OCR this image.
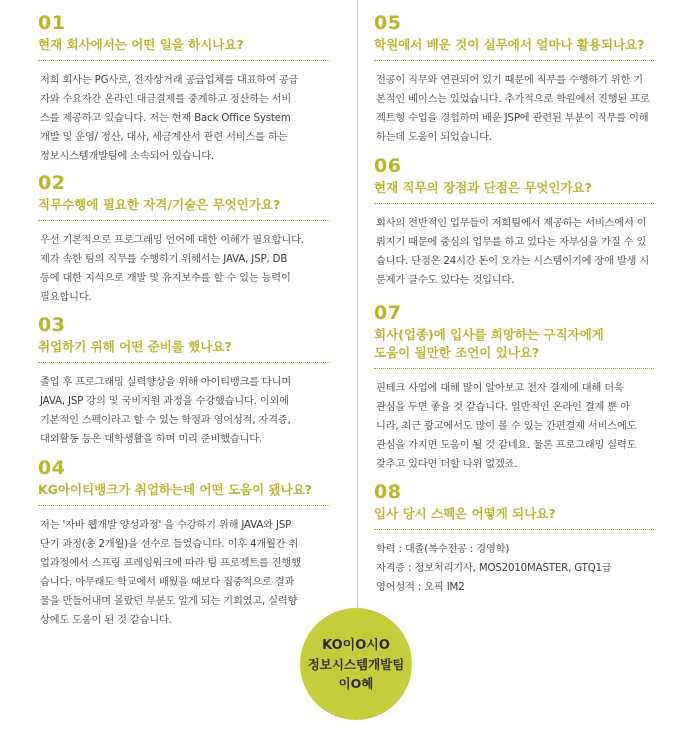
01
현재 회사에서는 어떤 일을 하시나요?
저희 회사는 PG사로, 전자상거래 공급업체를 대표하여 공급
자와 수요자간 온라인 대금결제를 중계하고 정산하는 서비
스를 제공하고 있습니다. 저는 현재 Back Office System
개발 및 운영/ 정산, 대사, 세금계산서 관련 서비스를 하는
정보시스템개발팀에 소속되어 있습니다.
02
직무수행에 필요한 자격/기술은 무엇인가요?
우선 기본적으로 프로그래밍 언어에 대한 이해가 필요합니다.
제가 속한 팀의 직무를 수행하기 위해서는 JAVA, JSP, DB
등에 대한 지식으로 개발 및 유지보수를 할 수 있는 능력이
필요합니다.
03
취업하기 위해 어떤 준비를 했나요?
졸업 후 프로그래밍 실력향상을 위해 아이티뱅크를 다니며
JAVA, JSP 강의 및 국비지원 과정을 수강했습니다. 이외에
기본적인 스펙이라고 할 수 있는 학점과 영어성적, 자격증,
대외활동 등은 대학생활을 하며 미리 준비했습니다.
04
KG아이티뱅크가 취업하는데 어떤 도움이 됐나요?
저는 '자바 웹개발 양성과정' 을 수강하기 위해 JAVA와 JSP
단기 과정(총 2개월)을 선수로 들었습니다. 이후 4개월간 취
업과정에서 스프링 프레임워크에 따라 팀 프로젝트를 진행했
습니다. 아무래도 학교에서 배웠을 때보다 집중적으로 결과
물을 만들어내며 몰랐던 부분도 알게 되는 기회였고, 실력향
상에도 도움이 된 것 같습니다.
05
학원에서 배운 것이 실무에서 얼마나 활용되나요?
전공이 직무와 연관되어 있기 때문에 직무를 수행하기 위한 기
본적인 베이스는 있었습니다. 추가적으로 학원에서 진행된 프로
젝트형 수업을 경험하며 배운 JSP에 관련된 부분이 직무를 이해
하는데 도움이 되었습니다.
06
현재 직무의 장점과 단점은 무엇인가요?
회사의 전반적인 업무들이 저희팀에서 제공하는 서비스에서 이
뤄지기 때문에 중심의 업무를 하고 있다는 자부심을 가질 수 있
습니다. 단점은 24시간 돈이 오가는 시스템이기에 장애 발생 시
문제가 클수도 있다는 것입니다.
07
회사(업종)에 입사를 희망하는 구직자에게
도움이 될만한 조언이 있나요?
핀테크 사업에 대해 많이 알아보고 전자 결제에 대해 더욱
관심을 두면 좋을 것 같습니다. 일반적인 온라인 결제 뿐 아
니라, 최근 광고에서도 많이 볼 수 있는 간편결제 서비스에도
관심을 가지면 도움이 될 것 같네요. 물론 프로그래밍 실력도
갖추고 있다면 더할 나위 없겠죠.
08
입사 당시 스펙은 어떻게 되나요?
학력 : 대졸(복수전공 : 경영학)
자격증 : 정보처리기사, MOS2010MASTER, GTQ1급
영어성적 : 오픽 IM2
KO이O시O
정보시스템개발팀
이O혜
